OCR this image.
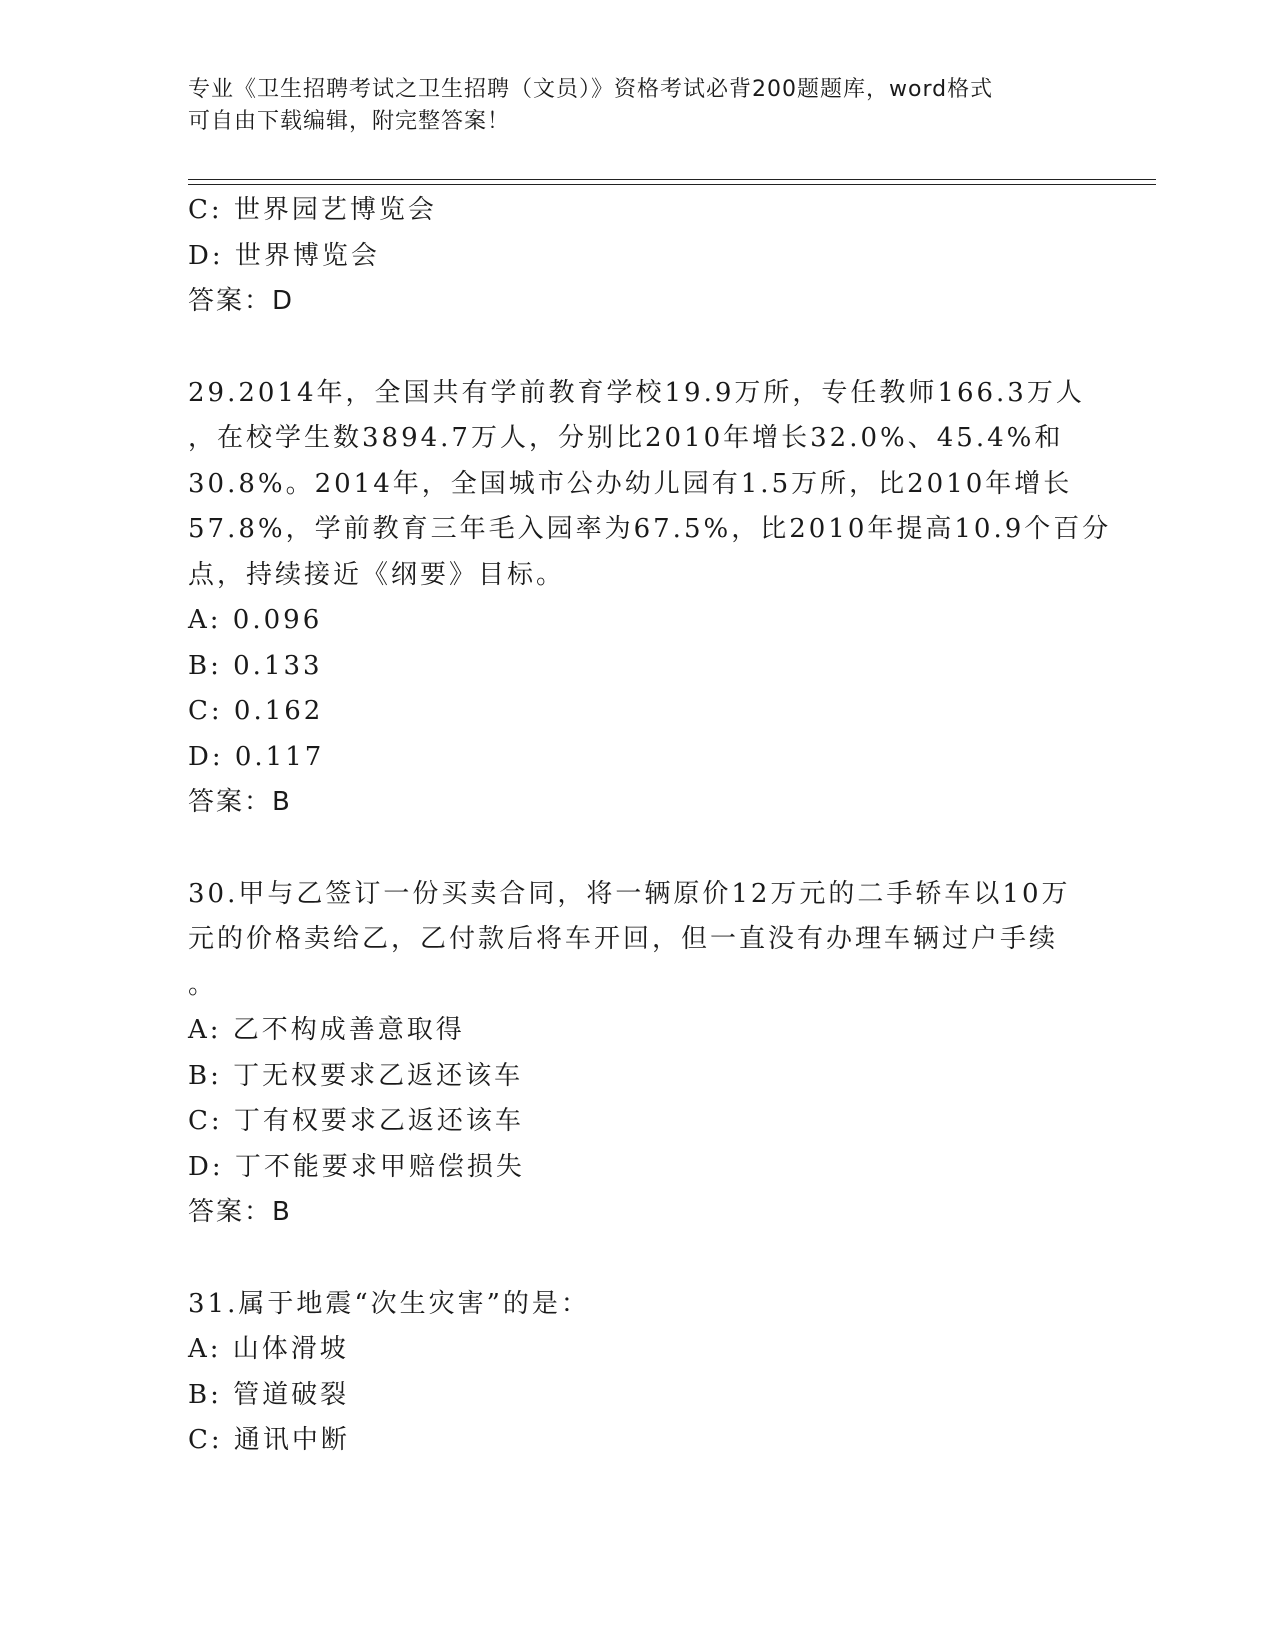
专业《卫生招聘考试之卫生招聘（文员）》资格考试必背200题题库，word格式
可自由下载编辑，附完整答案！
C: 世界园艺博览会
D: 世界博览会
答案：D
29.2014年，全国共有学前教育学校19.9万所，专任教师166.3万人
，在校学生数3894.7万人，分别比2010年增长32.0%、45.4%和
30.8%。2014年，全国城市公办幼儿园有1.5万所，比2010年增长
57.8%，学前教育三年毛入园率为67.5%，比2010年提高10.9个百分
点，持续接近《纲要》目标。
A: 0.096
B: 0.133
C: 0.162
D: 0.117
答案：B
30.甲与乙签订一份买卖合同，将一辆原价12万元的二手轿车以10万
元的价格卖给乙，乙付款后将车开回，但一直没有办理车辆过户手续
。
A: 乙不构成善意取得
B: 丁无权要求乙返还该车
C: 丁有权要求乙返还该车
D: 丁不能要求甲赔偿损失
答案：B
31.属于地震“次生灾害”的是：
A: 山体滑坡
B: 管道破裂
C: 通讯中断
